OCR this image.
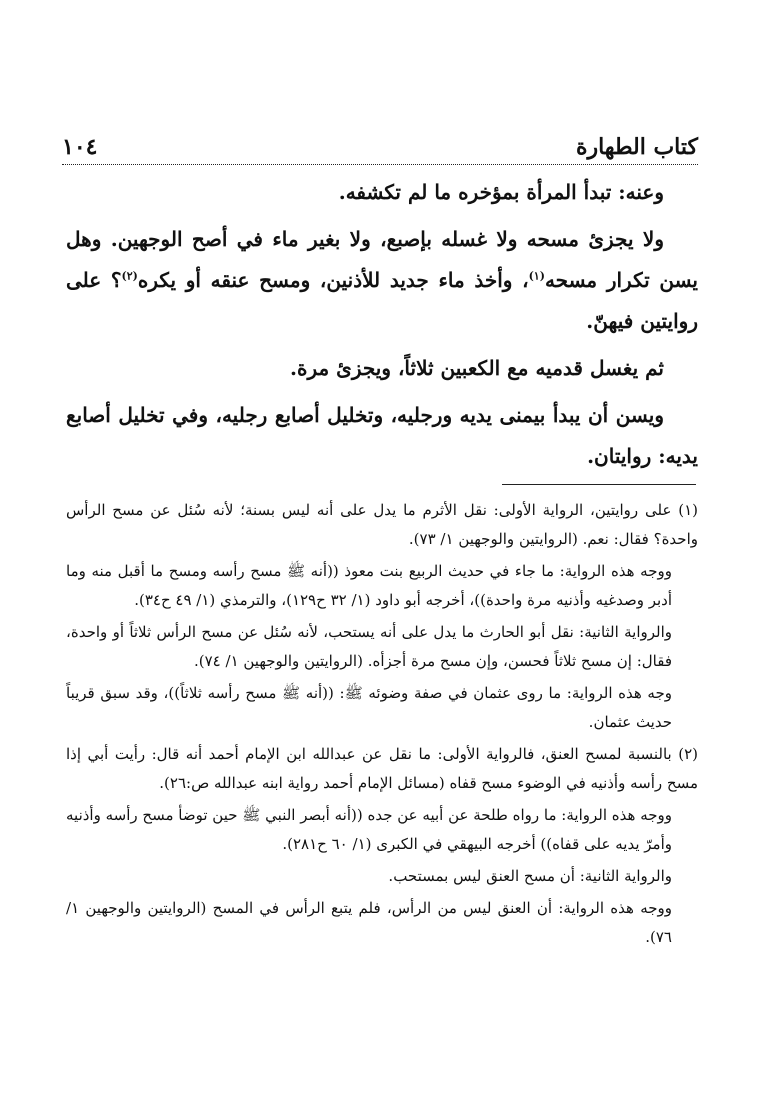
كتاب الطهارة
١٠٤

وعنه: تبدأ المرأة بمؤخره ما لم تكشفه.

ولا يجزئ مسحه ولا غسله بإصبع، ولا بغير ماء في أصح الوجهين. وهل يسن تكرار مسحه$^{(١)}$، وأخذ ماء جديد للأذنين، ومسح عنقه أو يكره$^{(٢)}$؟ على روايتين فيهنّ.

ثم يغسل قدميه مع الكعبين ثلاثاً، ويجزئ مرة.

ويسن أن يبدأ بيمنى يديه ورجليه، وتخليل أصابع رجليه، وفي تخليل أصابع يديه: روايتان.

(١) على روايتين، الرواية الأولى: نقل الأثرم ما يدل على أنه ليس بسنة؛ لأنه سُئل عن مسح الرأس واحدة؟ فقال: نعم. (الروايتين والوجهين ١/ ٧٣).

ووجه هذه الرواية: ما جاء في حديث الربيع بنت معوذ ((أنه ﷺ مسح رأسه ومسح ما أقبل منه وما أدبر وصدغيه وأذنيه مرة واحدة))، أخرجه أبو داود (١/ ٣٢ ح١٢٩)، والترمذي (١/ ٤٩ ح٣٤).

والرواية الثانية: نقل أبو الحارث ما يدل على أنه يستحب، لأنه سُئل عن مسح الرأس ثلاثاً أو واحدة، فقال: إن مسح ثلاثاً فحسن، وإن مسح مرة أجزأه. (الروايتين والوجهين ١/ ٧٤).

وجه هذه الرواية: ما روى عثمان في صفة وضوئه ﷺ: ((أنه ﷺ مسح رأسه ثلاثاً))، وقد سبق قريباً حديث عثمان.

(٢) بالنسبة لمسح العنق، فالرواية الأولى: ما نقل عن عبدالله ابن الإمام أحمد أنه قال: رأيت أبي إذا مسح رأسه وأذنيه في الوضوء مسح قفاه (مسائل الإمام أحمد رواية ابنه عبدالله ص:٢٦).

ووجه هذه الرواية: ما رواه طلحة عن أبيه عن جده ((أنه أبصر النبي ﷺ حين توضأ مسح رأسه وأذنيه وأمرّ يديه على قفاه)) أخرجه البيهقي في الكبرى (١/ ٦٠ ح٢٨١).

والرواية الثانية: أن مسح العنق ليس بمستحب.

ووجه هذه الرواية: أن العنق ليس من الرأس، فلم يتبع الرأس في المسح (الروايتين والوجهين ١/ ٧٦).
